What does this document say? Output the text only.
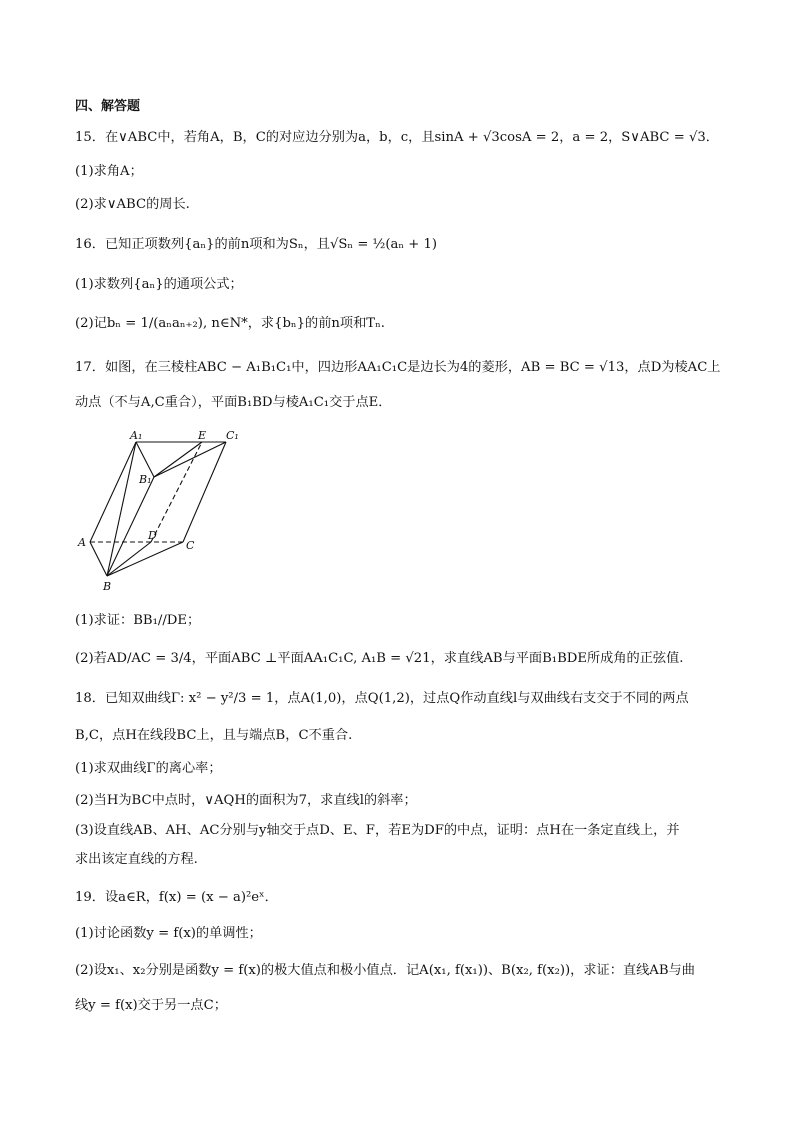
四、解答题
15．在∨ABC中，若角A，B，C的对应边分别为a，b，c，且sinA + √3cosA = 2，a = 2，S∨ABC = √3．
(1)求角A；
(2)求∨ABC的周长.
16．已知正项数列{aₙ}的前n项和为Sₙ，且√Sₙ = ½(aₙ + 1)
(1)求数列{aₙ}的通项公式；
(2)记bₙ = 1/(aₙaₙ₊₂), n∈N*，求{bₙ}的前n项和Tₙ.
17．如图，在三棱柱ABC − A₁B₁C₁中，四边形AA₁C₁C是边长为4的菱形，AB = BC = √13，点D为棱AC上
动点（不与A,C重合），平面B₁BD与棱A₁C₁交于点E．
A₁	E C₁
B₁
A
D
C
B
(1)求证：BB₁//DE；
(2)若AD/AC = 3/4，平面ABC ⊥平面AA₁C₁C, A₁B = √21，求直线AB与平面B₁BDE所成角的正弦值.
18．已知双曲线Γ: x² − y²/3 = 1，点A(1,0)，点Q(1,2)，过点Q作动直线l与双曲线右支交于不同的两点
B,C，点H在线段BC上，且与端点B，C不重合.
(1)求双曲线Γ的离心率；
(2)当H为BC中点时，∨AQH的面积为7，求直线l的斜率；
(3)设直线AB、AH、AC分别与y轴交于点D、E、F，若E为DF的中点，证明：点H在一条定直线上，并
求出该定直线的方程.
19．设a∈R，f(x) = (x − a)²eˣ．
(1)讨论函数y = f(x)的单调性；
(2)设x₁、x₂分别是函数y = f(x)的极大值点和极小值点．记A(x₁, f(x₁))、B(x₂, f(x₂))，求证：直线AB与曲
线y = f(x)交于另一点C；
